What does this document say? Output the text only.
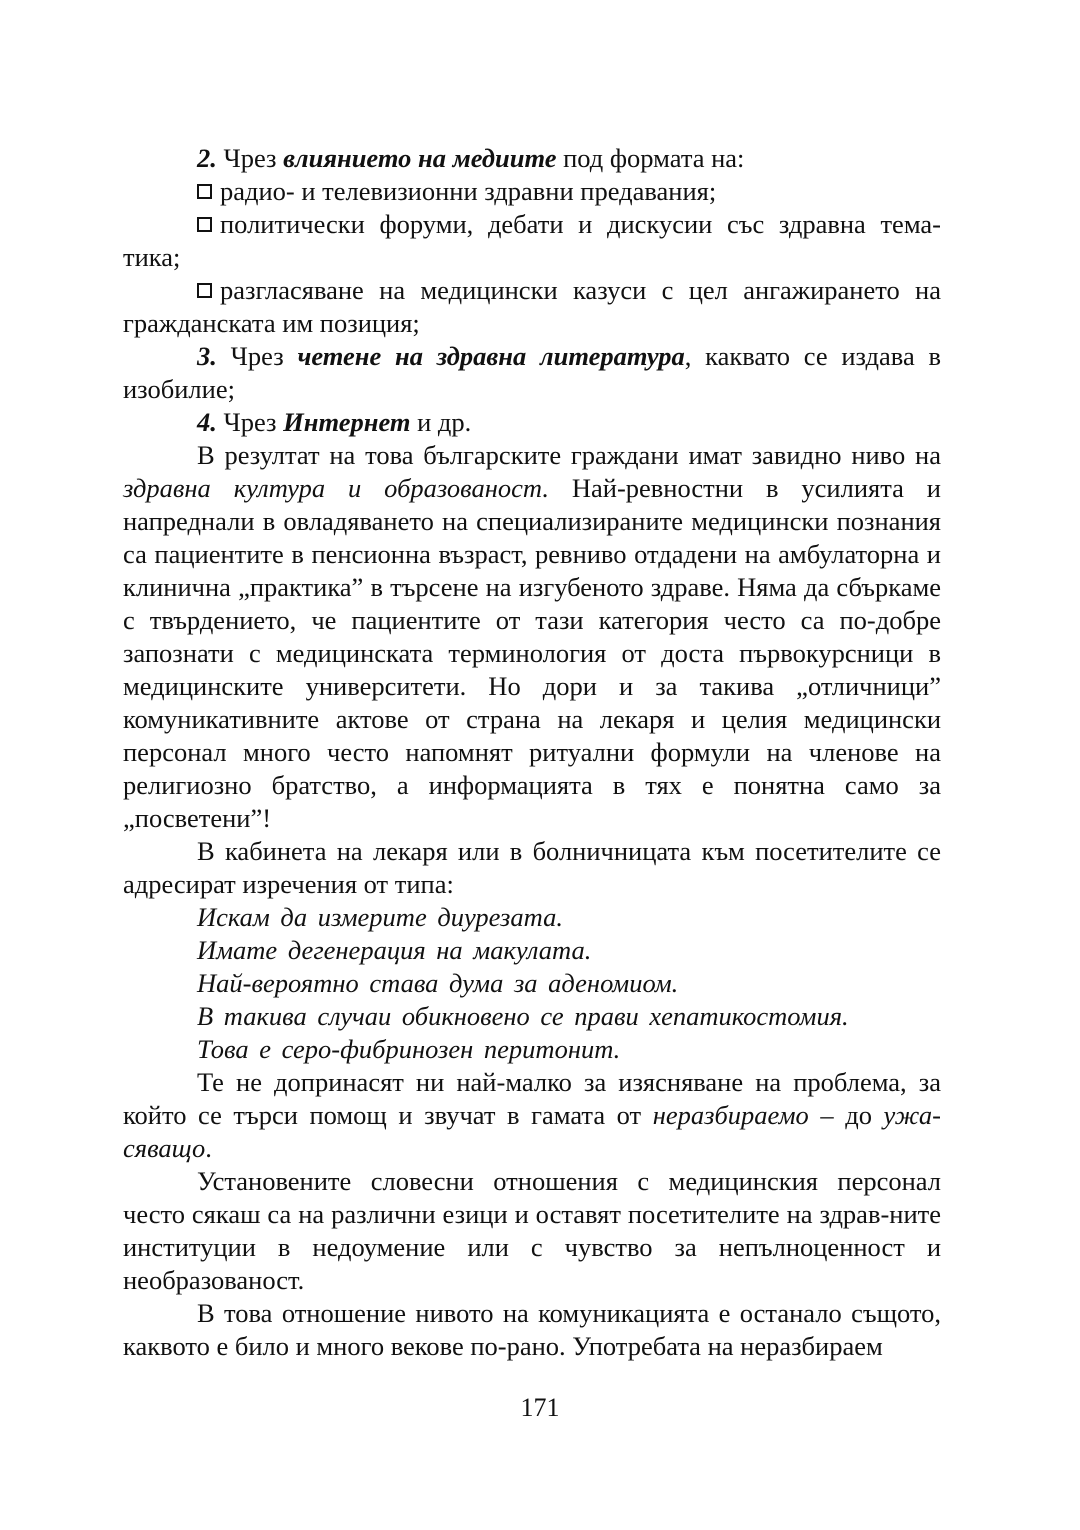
2. Чрез влиянието на медиите под формата на:

радио- и телевизионни здравни предавания;

политически форуми, дебати и дискусии със здравна тема-тика;

разгласяване на медицински казуси с цел ангажирането на гражданската им позиция;

3. Чрез четене на здравна литература, каквато се издава в изобилие;

4. Чрез Интернет и др.

В резултат на това българските граждани имат завидно ниво на здравна култура и образованост. Най-ревностни в усилията и напреднали в овладяването на специализираните медицински познания са пациентите в пенсионна възраст, ревниво отдадени на амбулаторна и клинична „практика” в търсене на изгубеното здраве. Няма да сбъркаме с твърдението, че пациентите от тази категория често са по-добре запознати с медицинската терминология от доста първокурсници в медицинските университети. Но дори и за такива „отличници” комуникативните актове от страна на лекаря и целия медицински персонал много често напомнят ритуални формули на членове на религиозно братство, а информацията в тях е понятна само за „посветени”!

В кабинета на лекаря или в болничницата към посетителите се адресират изречения от типа:

Искам да измерите диурезата.

Имате дегенерация на макулата.

Най-вероятно става дума за аденомиом.

В такива случаи обикновено се прави хепатикостомия.

Това е серо-фибринозен перитонит.

Те не допринасят ни най-малко за изясняване на проблема, за който се търси помощ и звучат в гамата от неразбираемо – до ужа-сяващо.

Установените словесни отношения с медицинския персонал често сякаш са на различни езици и оставят посетителите на здрав-ните институции в недоумение или с чувство за непълноценност и необразованост.

В това отношение нивото на комуникацията е останало същото, каквото е било и много векове по-рано. Употребата на неразбираем

171
